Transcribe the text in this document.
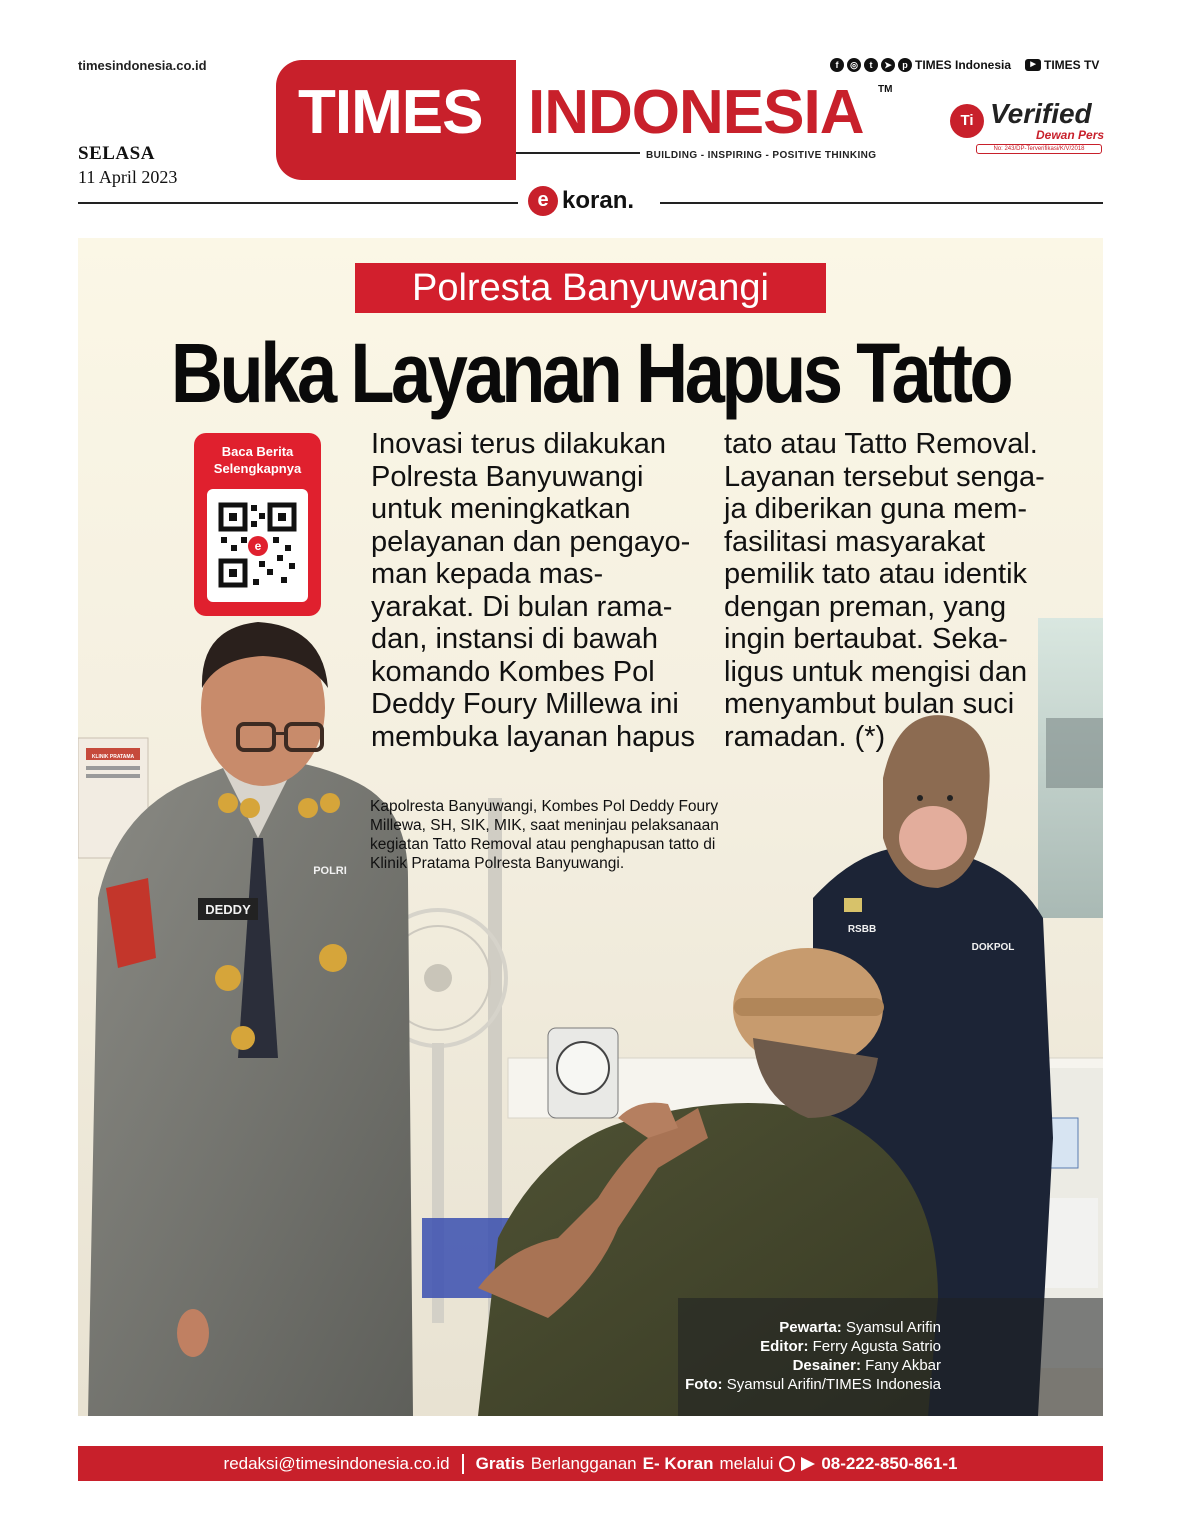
timesindonesia.co.id
SELASA
11 April 2023
f	◎	t	➤	p TIMES Indonesia	▶ TIMES TV
TIMES INDONESIA TM
BUILDING - INSPIRING - POSITIVE THINKING
Ti Verified
Dewan Pers
No: 243/DP-Terverifikasi/K/V/2018
e koran.
DEDDY
POLRI
RSBB
DOKPOL
KLINIK PRATAMA
Polresta Banyuwangi
Buka Layanan Hapus Tatto
Baca Berita
Selengkapnya
e
Inovasi terus dilakukan
Polresta Banyuwangi
untuk meningkatkan
pelayanan dan pengayo-
man kepada mas-
yarakat. Di bulan rama-
dan, instansi di bawah
komando Kombes Pol
Deddy Foury Millewa ini
membuka layanan hapus
tato atau Tatto Removal.
Layanan tersebut senga-
ja diberikan guna mem-
fasilitasi masyarakat
pemilik tato atau identik
dengan preman, yang
ingin bertaubat. Seka-
ligus untuk mengisi dan
menyambut bulan suci
ramadan. (*)
Kapolresta Banyuwangi, Kombes Pol Deddy Foury
Millewa, SH, SIK, MIK, saat meninjau pelaksanaan
kegiatan Tatto Removal atau penghapusan tatto di
Klinik Pratama Polresta Banyuwangi.
Pewarta: Syamsul Arifin
Editor: Ferry Agusta Satrio
Desainer: Fany Akbar
Foto: Syamsul Arifin/TIMES Indonesia
redaksi@timesindonesia.co.id Gratis Berlangganan E- Koran melalui	08-222-850-861-1
